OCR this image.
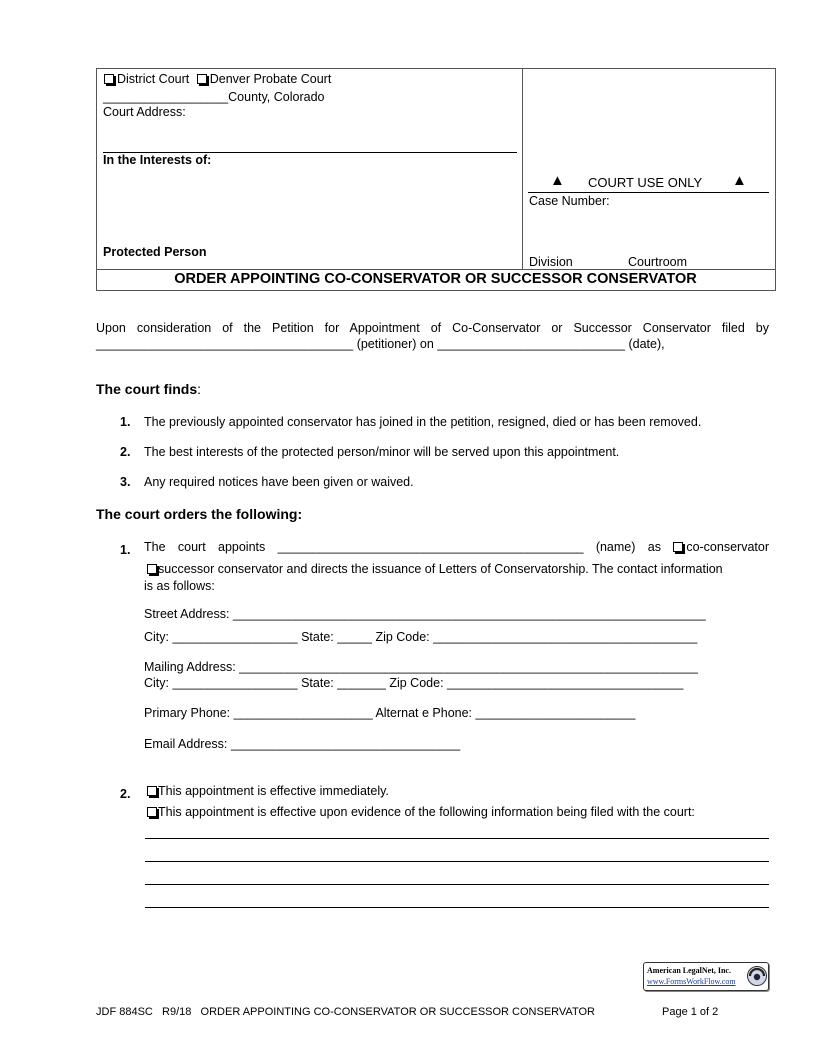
District Court Denver Probate Court
__________________County, Colorado
Court Address:
In the Interests of:
Protected Person
▲ COURT USE ONLY ▲
Case Number:
Division	Courtroom
ORDER APPOINTING CO-CONSERVATOR OR SUCCESSOR CONSERVATOR
Upon consideration of the Petition for Appointment of Co-Conservator or Successor Conservator filed by
_____________________________________ (petitioner) on ___________________________ (date),
The court finds:
1. The previously appointed conservator has joined in the petition, resigned, died or has been removed.
2. The best interests of the protected person/minor will be served upon this appointment.
3. Any required notices have been given or waived.
The court orders the following:
1. The court appoints ____________________________________________ (name) as co-conservator
successor conservator and directs the issuance of Letters of Conservatorship. The contact information
is as follows:
Street Address: ____________________________________________________________________
City: __________________ State: _____ Zip Code: ______________________________________
Mailing Address: __________________________________________________________________
City: __________________ State: _______ Zip Code: __________________________________
Primary Phone: ____________________ Alternat e Phone: _______________________
Email Address: _________________________________
2.	This appointment is effective immediately.
This appointment is effective upon evidence of the following information being filed with the court:
American LegalNet, Inc.
www.FormsWorkFlow.com
JDF 884SC   R9/18   ORDER APPOINTING CO-CONSERVATOR OR SUCCESSOR CONSERVATOR	Page 1 of 2
